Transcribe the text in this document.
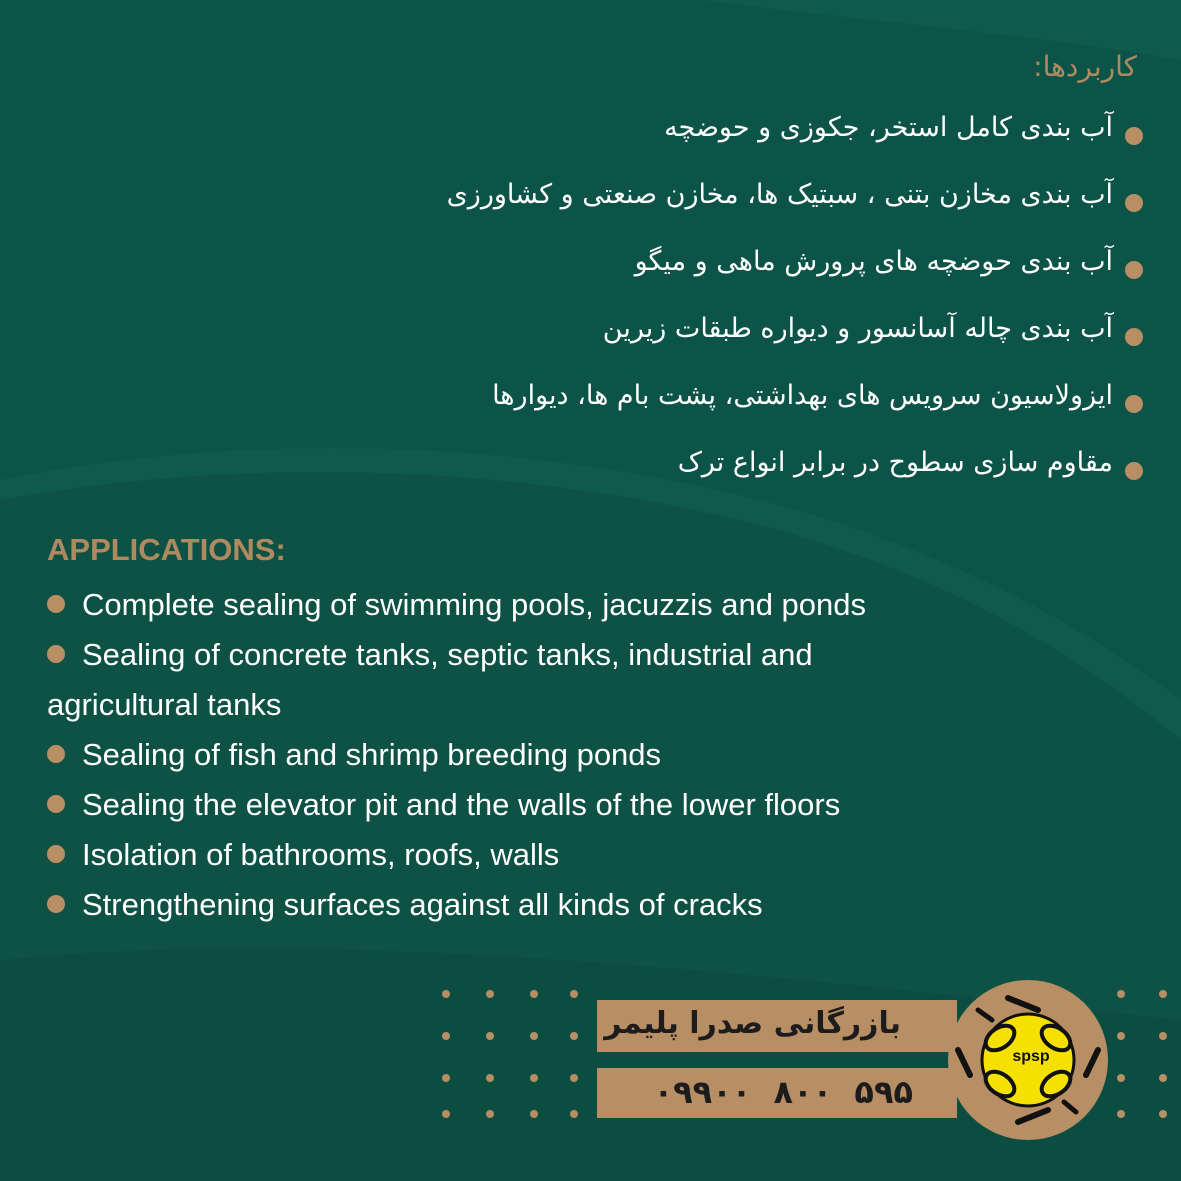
کاربردها:
آب بندی کامل استخر، جکوزی و حوضچه
آب بندی مخازن بتنی ، سبتیک ها، مخازن صنعتی و کشاورزی
آب بندی حوضچه های پرورش ماهی و میگو
آب بندی چاله آسانسور و دیواره طبقات زیرین
ایزولاسیون سرویس های بهداشتی، پشت بام ها، دیوارها
مقاوم سازی سطوح در برابر انواع ترک
APPLICATIONS:
Complete sealing of swimming pools, jacuzzis and ponds
Sealing of concrete tanks, septic tanks, industrial and agricultural tanks
Sealing of fish and shrimp breeding ponds
Sealing the elevator pit and the walls of the lower floors
Isolation of bathrooms, roofs, walls
Strengthening surfaces against all kinds of cracks
بازرگانی صدرا پلیمر
۰۹۹۰۰  ۸۰۰  ۵۹۵
spsp
